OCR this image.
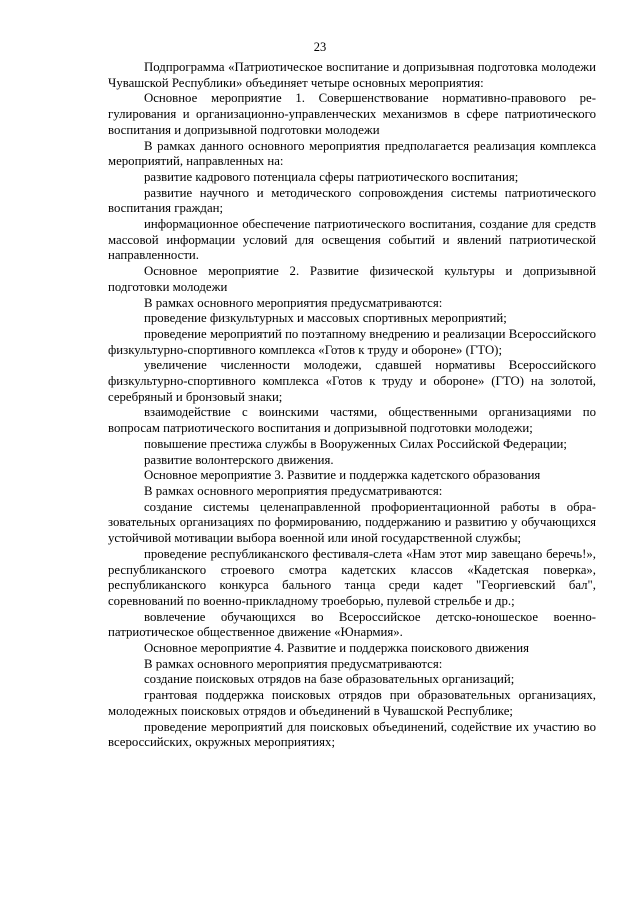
23

Подпрограмма «Патриотическое воспитание и допризывная подготовка молодежи Чувашской Республики» объединяет четыре основных мероприятия:

Основное мероприятие 1. Совершенствование нормативно-правового регулирования и организационно-управленческих механизмов в сфере патриотического воспитания и допризывной подготовки молодежи

В рамках данного основного мероприятия предполагается реализация комплекса мероприятий, направленных на:

развитие кадрового потенциала сферы патриотического воспитания;

развитие научного и методического сопровождения системы патриотического воспитания граждан;

информационное обеспечение патриотического воспитания, создание для средств массовой информации условий для освещения событий и явлений патриотической направленности.

Основное мероприятие 2. Развитие физической культуры и допризывной подготовки молодежи

В рамках основного мероприятия предусматриваются:

проведение физкультурных и массовых спортивных мероприятий;

проведение мероприятий по поэтапному внедрению и реализации Всероссийского физкультурно-спортивного комплекса «Готов к труду и обороне» (ГТО);

увеличение численности молодежи, сдавшей нормативы Всероссийского физкультурно-спортивного комплекса «Готов к труду и обороне» (ГТО) на золотой, серебряный и бронзовый знаки;

взаимодействие с воинскими частями, общественными организациями по вопросам патриотического воспитания и допризывной подготовки молодежи;

повышение престижа службы в Вооруженных Силах Российской Федерации;

развитие волонтерского движения.

Основное мероприятие 3. Развитие и поддержка кадетского образования

В рамках основного мероприятия предусматриваются:

создание системы целенаправленной профориентационной работы в образовательных организациях по формированию, поддержанию и развитию у обучающихся устойчивой мотивации выбора военной или иной государственной службы;

проведение республиканского фестиваля-слета «Нам этот мир завещано беречь!», республиканского строевого смотра кадетских классов «Кадетская поверка», республиканского конкурса бального танца среди кадет "Георгиевский бал", соревнований по военно-прикладному троеборью, пулевой стрельбе и др.;

вовлечение обучающихся во Всероссийское детско-юношеское военно-патриотическое общественное движение «Юнармия».

Основное мероприятие 4. Развитие и поддержка поискового движения

В рамках основного мероприятия предусматриваются:

создание поисковых отрядов на базе образовательных организаций;

грантовая поддержка поисковых отрядов при образовательных организациях, молодежных поисковых отрядов и объединений в Чувашской Республике;

проведение мероприятий для поисковых объединений, содействие их участию во всероссийских, окружных мероприятиях;
